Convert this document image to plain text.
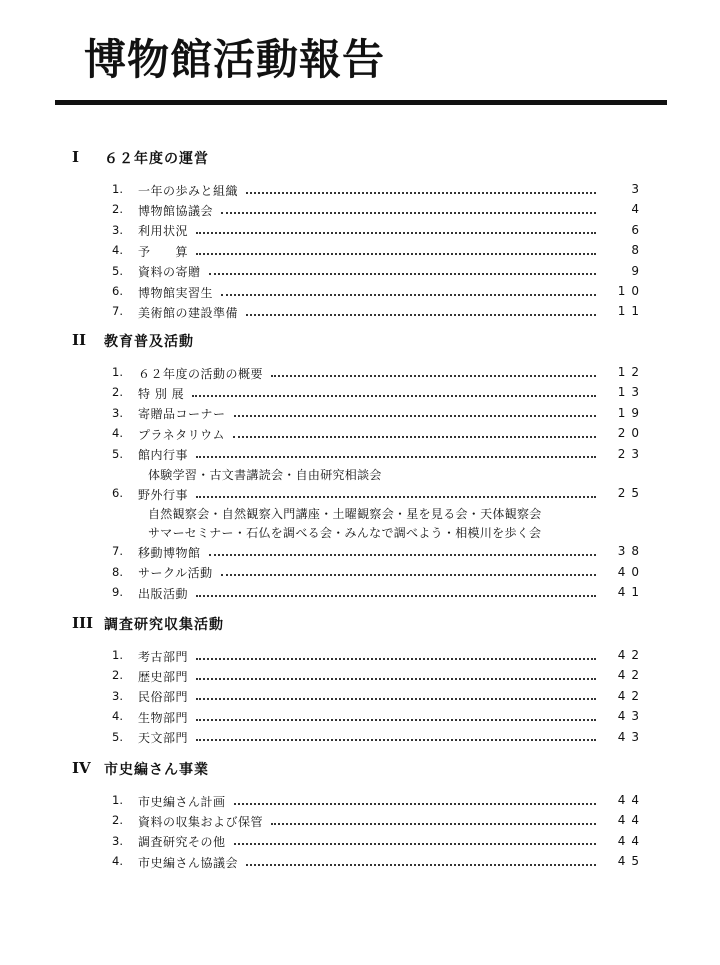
博物館活動報告
I ６２年度の運営
1. 一年の歩みと組織	3
2. 博物館協議会	4
3. 利用状況	6
4. 予　　算	8
5. 資料の寄贈	9
6. 博物館実習生	10
7. 美術館の建設準備	11
II 教育普及活動
1. ６２年度の活動の概要	12
2. 特 別 展	13
3. 寄贈品コーナー	19
4. プラネタリウム	20
5. 館内行事	23
体験学習・古文書講読会・自由研究相談会
6. 野外行事	25
自然観察会・自然観察入門講座・土曜観察会・星を見る会・天体観察会
サマーセミナー・石仏を調べる会・みんなで調べよう・相模川を歩く会
7. 移動博物館	38
8. サークル活動	40
9. 出版活動	41
III 調査研究収集活動
1. 考古部門	42
2. 歴史部門	42
3. 民俗部門	42
4. 生物部門	43
5. 天文部門	43
IV 市史編さん事業
1. 市史編さん計画	44
2. 資料の収集および保管	44
3. 調査研究その他	44
4. 市史編さん協議会	45
